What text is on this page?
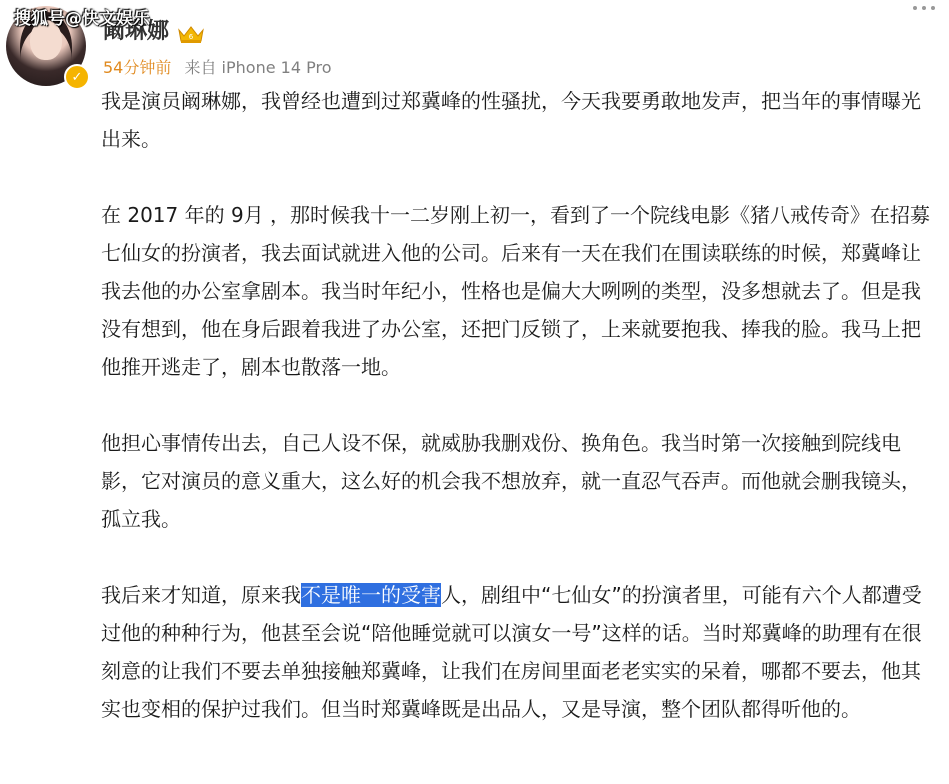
搜狐号@快文娱乐
✓
阚琳娜	6
54分钟前 来自 iPhone 14 Pro

我是演员阚琳娜，我曾经也遭到过郑冀峰的性骚扰，今天我要勇敢地发声，把当年的事情曝光出来。

在 2017 年的 9月 ，那时候我十一二岁刚上初一，看到了一个院线电影《猪八戒传奇》在招募七仙女的扮演者，我去面试就进入他的公司。后来有一天在我们在围读联练的时候，郑冀峰让我去他的办公室拿剧本。我当时年纪小，性格也是偏大大咧咧的类型，没多想就去了。但是我没有想到，他在身后跟着我进了办公室，还把门反锁了，上来就要抱我、捧我的脸。我马上把他推开逃走了，剧本也散落一地。

他担心事情传出去，自己人设不保，就威胁我删戏份、换角色。我当时第一次接触到院线电影，它对演员的意义重大，这么好的机会我不想放弃，就一直忍气吞声。而他就会删我镜头，孤立我。

我后来才知道，原来我不是唯一的受害人，剧组中“七仙女”的扮演者里，可能有六个人都遭受过他的种种行为，他甚至会说“陪他睡觉就可以演女一号”这样的话。当时郑冀峰的助理有在很刻意的让我们不要去单独接触郑冀峰，让我们在房间里面老老实实的呆着，哪都不要去，他其实也变相的保护过我们。但当时郑冀峰既是出品人，又是导演，整个团队都得听他的。
